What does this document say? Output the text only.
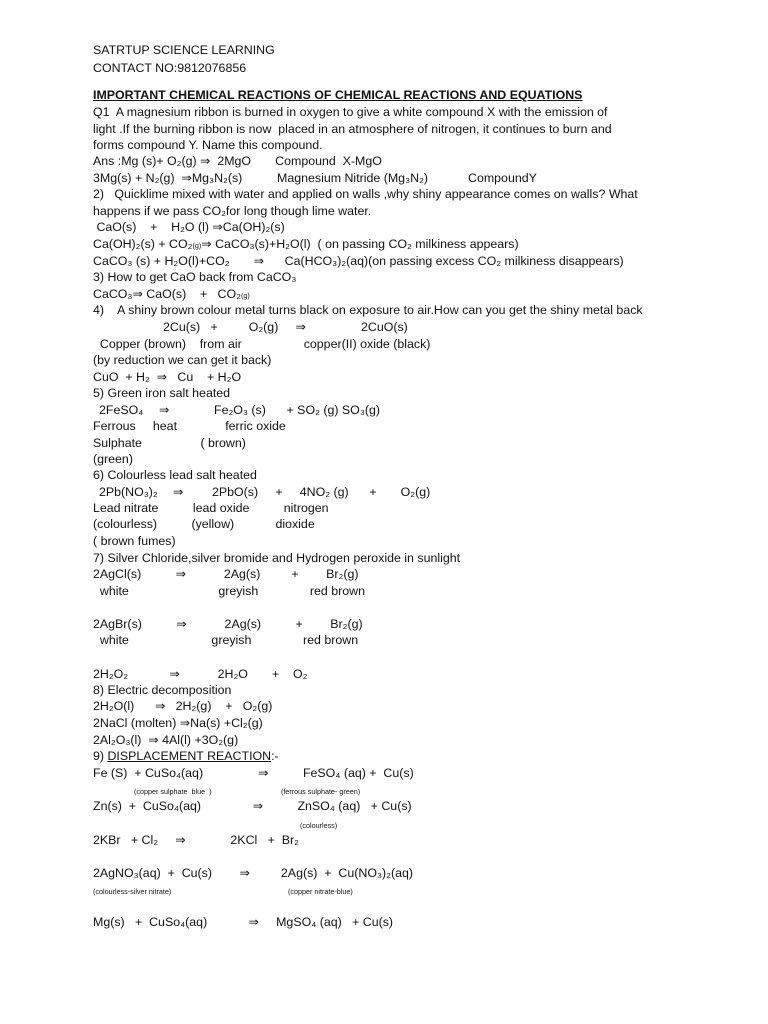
SATRTUP SCIENCE LEARNING
CONTACT NO:9812076856
IMPORTANT CHEMICAL REACTIONS OF CHEMICAL REACTIONS AND EQUATIONS
Q1  A magnesium ribbon is burned in oxygen to give a white compound X with the emission of
light .If the burning ribbon is now  placed in an atmosphere of nitrogen, it continues to burn and
forms compound Y. Name this compound.
Ans :Mg (s)+ O₂(g) ⇒  2MgO       Compound  X-MgO
3Mg(s) + N₂(g)  ⇒Mg₃N₂(s)	Magnesium Nitride (Mg₃N₂)	CompoundY
2)   Quicklime mixed with water and applied on walls ,why shiny appearance comes on walls? What
happens if we pass CO₂for long though lime water.
CaO(s)    +    H₂O (l) ⇒Ca(OH)₂(s)
Ca(OH)₂(s) + CO₂(g)⇒ CaCO₃(s)+H₂O(l)  ( on passing CO₂ milkiness appears)
CaCO₃ (s) + H₂O(l)+CO₂       ⇒      Ca(HCO₃)₂(aq)(on passing excess CO₂ milkiness disappears)
3) How to get CaO back from CaCO₃
CaCO₃⇒ CaO(s)    +   CO₂(g)
4)    A shiny brown colour metal turns black on exposure to air.How can you get the shiny metal back
2Cu(s)   +         O₂(g)     ⇒                2CuO(s)
Copper (brown)    from air                  copper(II) oxide (black)
(by reduction we can get it back)
CuO  + H₂  ⇒   Cu    + H₂O
5) Green iron salt heated
2FeSO₄ ⇒	Fe₂O₃ (s)      + SO₂ (g) SO₃(g)
Ferrous     heat              ferric oxide
Sulphate                 ( brown)
(green)
6) Colourless lead salt heated
2Pb(NO₃)₂ ⇒ 2PbO(s)     +     4NO₂ (g)      +       O₂(g)
Lead nitrate          lead oxide          nitrogen
(colourless)          (yellow)            dioxide
( brown fumes)
7) Silver Chloride,silver bromide and Hydrogen peroxide in sunlight
2AgCl(s)          ⇒           2Ag(s)         +        Br₂(g)
white                          greyish               red brown
2AgBr(s)          ⇒           2Ag(s)          +        Br₂(g)
white                        greyish               red brown
2H₂O₂            ⇒           2H₂O       +    O₂
8) Electric decomposition
2H₂O(l)      ⇒   2H₂(g)    +   O₂(g)
2NaCl (molten) ⇒Na(s) +Cl₂(g)
2Al₂O₃(l)  ⇒ 4Al(l) +3O₂(g)
9) DISPLACEMENT REACTION:-
Fe (S)  + CuSo₄(aq)                ⇒          FeSO₄ (aq) +  Cu(s)
(copper sulphate  blue  )	(ferrous sulphate- green)
Zn(s)  +  CuSo₄(aq)               ⇒          ZnSO₄ (aq)   + Cu(s)
(colourless)
2KBr   + Cl₂     ⇒             2KCl   +  Br₂
2AgNO₃(aq)  +  Cu(s)        ⇒         2Ag(s)  +  Cu(NO₃)₂(aq)
(colourless-silver nitrate)	(copper nitrate-blue)
Mg(s)   +  CuSo₄(aq)            ⇒     MgSO₄ (aq)   + Cu(s)
